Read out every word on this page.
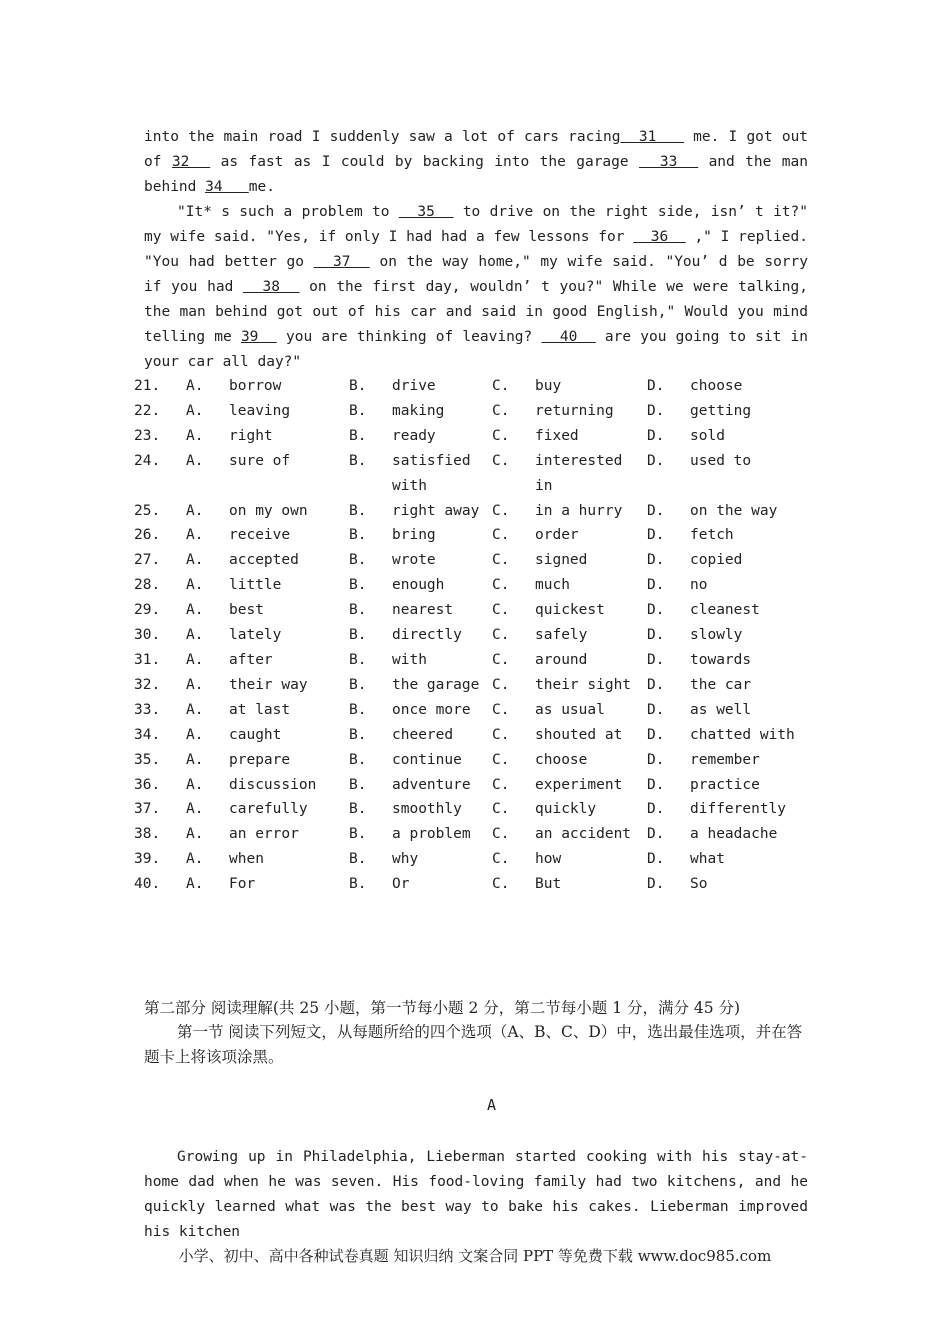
into the main road I suddenly saw a lot of cars racing  31    me. I got out of 32   as fast as I could by backing into the garage   33   and the man behind 34   me.
"It* s such a problem to   35   to drive on the right side, isn’ t it?" my wife said. "Yes, if only I had had a few lessons for   36   ," I replied. "You had better go   37   on the way home," my wife said. "You’ d be sorry if you had   38   on the first day, wouldn’ t you?" While we were talking, the man behind got out of his car and said in good English," Would you mind telling me 39   you are thinking of leaving?   40   are you going to sit in your car all day?"
21.	A.	borrow	B.	drive	C.	buy	D.	choose
22.	A.	leaving	B.	making	C.	returning	D.	getting
23.	A.	right	B.	ready	C.	fixed	D.	sold
24.	A.	sure of	B.	satisfied with	C.	interested in	D.	used to
25.	A.	on my own	B.	right away	C.	in a hurry	D.	on the way
26.	A.	receive	B.	bring	C.	order	D.	fetch
27.	A.	accepted	B.	wrote	C.	signed	D.	copied
28.	A.	little	B.	enough	C.	much	D.	no
29.	A.	best	B.	nearest	C.	quickest	D.	cleanest
30.	A.	lately	B.	directly	C.	safely	D.	slowly
31.	A.	after	B.	with	C.	around	D.	towards
32.	A.	their way	B.	the garage	C.	their sight	D.	the car
33.	A.	at last	B.	once more	C.	as usual	D.	as well
34.	A.	caught	B.	cheered	C.	shouted at	D.	chatted with
35.	A.	prepare	B.	continue	C.	choose	D.	remember
36.	A.	discussion	B.	adventure	C.	experiment	D.	practice
37.	A.	carefully	B.	smoothly	C.	quickly	D.	differently
38.	A.	an error	B.	a problem	C.	an accident	D.	a headache
39.	A.	when	B.	why	C.	how	D.	what
40.	A.	For	B.	Or	C.	But	D.	So
第二部分 阅读理解(共 25 小题，第一节每小题 2 分，第二节每小题 1 分，满分 45 分)
第一节 阅读下列短文，从每题所给的四个选项（A、B、C、D）中，选出最佳选项，并在答题卡上将该项涂黑。
A
Growing up in Philadelphia, Lieberman started cooking with his stay-at-home dad when he was seven. His food-loving family had two kitchens, and he quickly learned what was the best way to bake his cakes. Lieberman improved his kitchen
小学、初中、高中各种试卷真题 知识归纳 文案合同 PPT 等免费下载 www.doc985.com
